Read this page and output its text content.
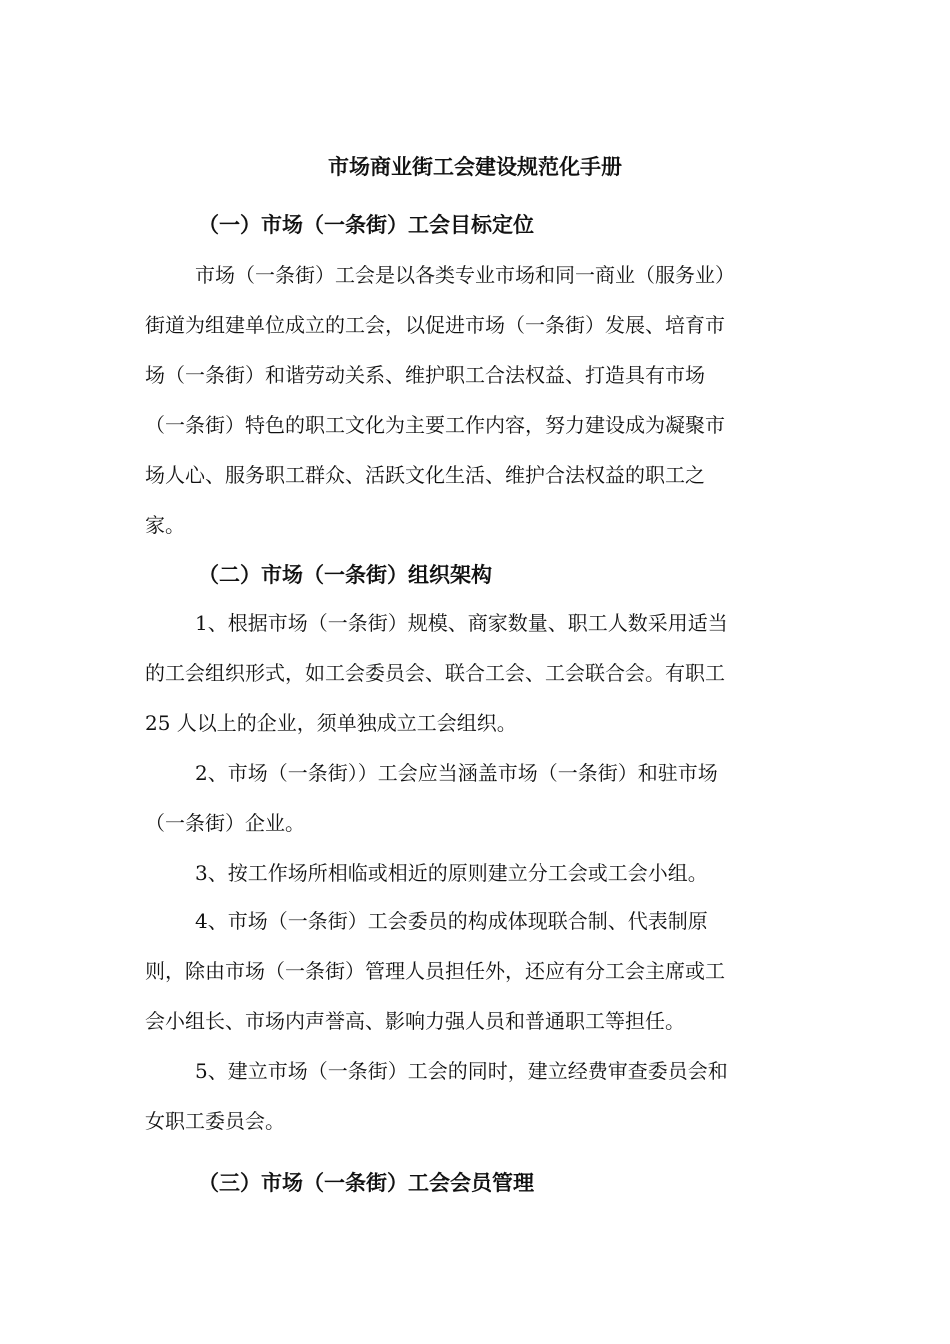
市场商业街工会建设规范化手册
（一）市场（一条街）工会目标定位
市场（一条街）工会是以各类专业市场和同一商业（服务业）
街道为组建单位成立的工会，以促进市场（一条街）发展、培育市
场（一条街）和谐劳动关系、维护职工合法权益、打造具有市场
（一条街）特色的职工文化为主要工作内容，努力建设成为凝聚市
场人心、服务职工群众、活跃文化生活、维护合法权益的职工之
家。
（二）市场（一条街）组织架构
1、根据市场（一条街）规模、商家数量、职工人数采用适当
的工会组织形式，如工会委员会、联合工会、工会联合会。有职工
25 人以上的企业，须单独成立工会组织。
2、市场（一条街））工会应当涵盖市场（一条街）和驻市场
（一条街）企业。
3、按工作场所相临或相近的原则建立分工会或工会小组。
4、市场（一条街）工会委员的构成体现联合制、代表制原
则，除由市场（一条街）管理人员担任外，还应有分工会主席或工
会小组长、市场内声誉高、影响力强人员和普通职工等担任。
5、建立市场（一条街）工会的同时，建立经费审查委员会和
女职工委员会。
（三）市场（一条街）工会会员管理
